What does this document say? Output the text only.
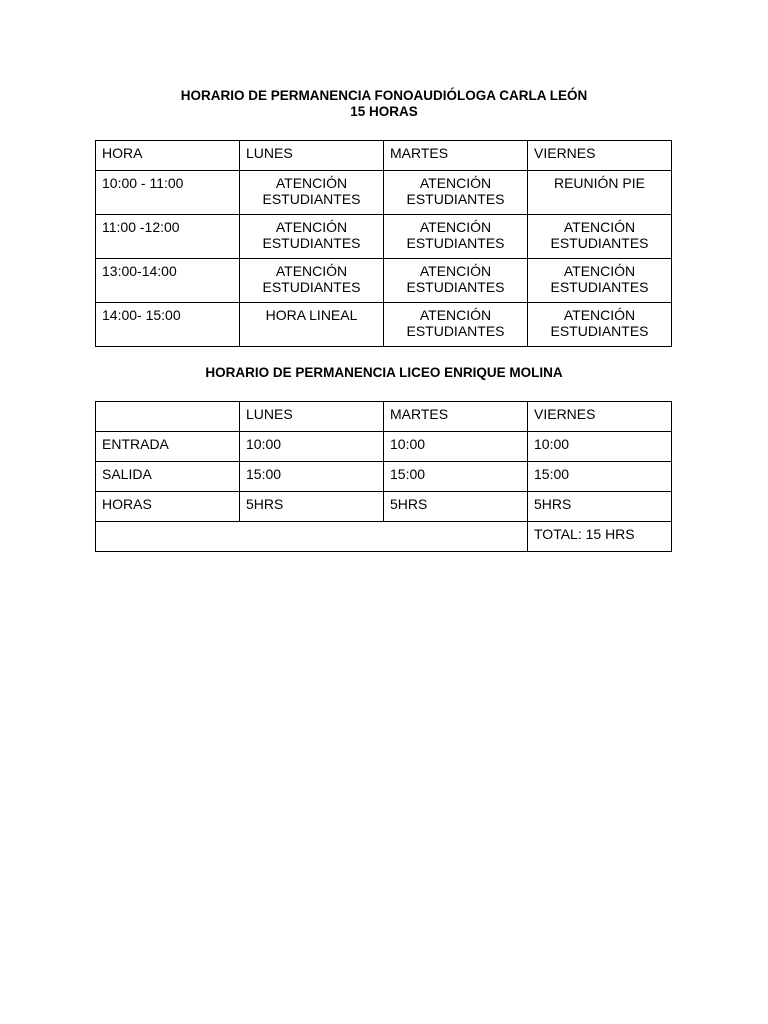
HORARIO DE PERMANENCIA FONOAUDIÓLOGA CARLA LEÓN

15 HORAS

HORA	LUNES	MARTES	VIERNES
10:00 - 11:00	ATENCIÓN ESTUDIANTES	ATENCIÓN ESTUDIANTES	REUNIÓN PIE
11:00 -12:00	ATENCIÓN ESTUDIANTES	ATENCIÓN ESTUDIANTES	ATENCIÓN ESTUDIANTES
13:00-14:00	ATENCIÓN ESTUDIANTES	ATENCIÓN ESTUDIANTES	ATENCIÓN ESTUDIANTES
14:00- 15:00	HORA LINEAL	ATENCIÓN ESTUDIANTES	ATENCIÓN ESTUDIANTES

HORARIO DE PERMANENCIA LICEO ENRIQUE MOLINA

	LUNES	MARTES	VIERNES
ENTRADA	10:00	10:00	10:00
SALIDA	15:00	15:00	15:00
HORAS	5HRS	5HRS	5HRS
			TOTAL: 15 HRS
